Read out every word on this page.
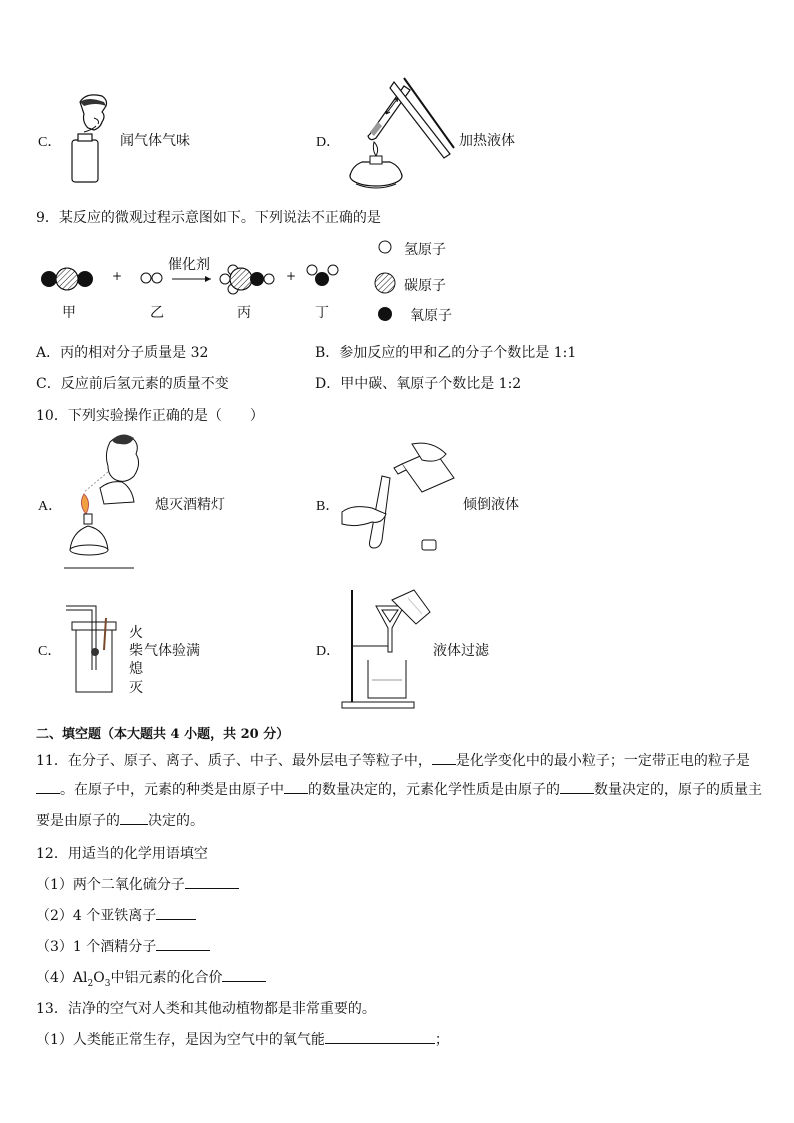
C．	闻气体气味	D．	加热液体
9．某反应的微观过程示意图如下。下列说法不正确的是
+	+
催化剂
甲	乙	丙	丁
氢原子
碳原子
氧原子
A．丙的相对分子质量是 32	B．参加反应的甲和乙的分子个数比是 1:1
C．反应前后氢元素的质量不变	D．甲中碳、氧原子个数比是 1:2
10．下列实验操作正确的是（　　）
A．	熄灭酒精灯	B．	倾倒液体
C．
火
柴 气体验满
熄
灭
D．	液体过滤
二、填空题（本大题共 4 小题，共 20 分）
11．在分子、原子、离子、质子、中子、最外层电子等粒子中， 是化学变化中的最小粒子；一定带正电的粒子是
。在原子中，元素的种类是由原子中 的数量决定的，元素化学性质是由原子的 数量决定的，原子的质量主
要是由原子的 决定的。
12．用适当的化学用语填空
（1）两个二氧化硫分子
（2）4 个亚铁离子
（3）1 个酒精分子
$(4)Al_2O_3$中铝元素的化合价
13．洁净的空气对人类和其他动植物都是非常重要的。
（1）人类能正常生存，是因为空气中的氧气能	；
